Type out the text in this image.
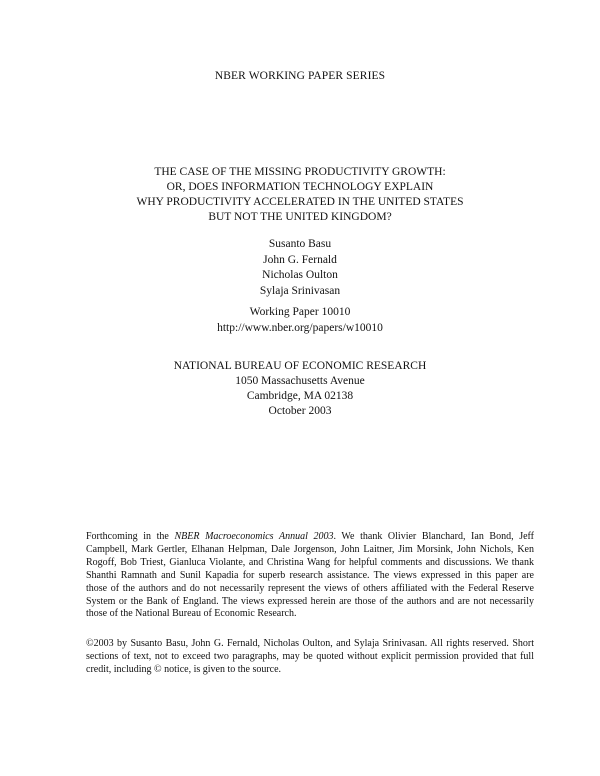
NBER WORKING PAPER SERIES
THE CASE OF THE MISSING PRODUCTIVITY GROWTH:
OR, DOES INFORMATION TECHNOLOGY EXPLAIN
WHY PRODUCTIVITY ACCELERATED IN THE UNITED STATES
BUT NOT THE UNITED KINGDOM?
Susanto Basu
John G. Fernald
Nicholas Oulton
Sylaja Srinivasan
Working Paper 10010
http://www.nber.org/papers/w10010
NATIONAL BUREAU OF ECONOMIC RESEARCH
1050 Massachusetts Avenue
Cambridge, MA 02138
October 2003
Forthcoming in the NBER Macroeconomics Annual 2003. We thank Olivier Blanchard, Ian Bond, Jeff
Campbell, Mark Gertler, Elhanan Helpman, Dale Jorgenson, John Laitner, Jim Morsink, John Nichols, Ken
Rogoff, Bob Triest, Gianluca Violante, and Christina Wang for helpful comments and discussions. We thank
Shanthi Ramnath and Sunil Kapadia for superb research assistance. The views expressed in this paper are
those of the authors and do not necessarily represent the views of others affiliated with the Federal Reserve
System or the Bank of England. The views expressed herein are those of the authors and are not necessarily
those of the National Bureau of Economic Research.
©2003 by Susanto Basu, John G. Fernald, Nicholas Oulton, and Sylaja Srinivasan. All rights reserved. Short
sections of text, not to exceed two paragraphs, may be quoted without explicit permission provided that full
credit, including © notice, is given to the source.
